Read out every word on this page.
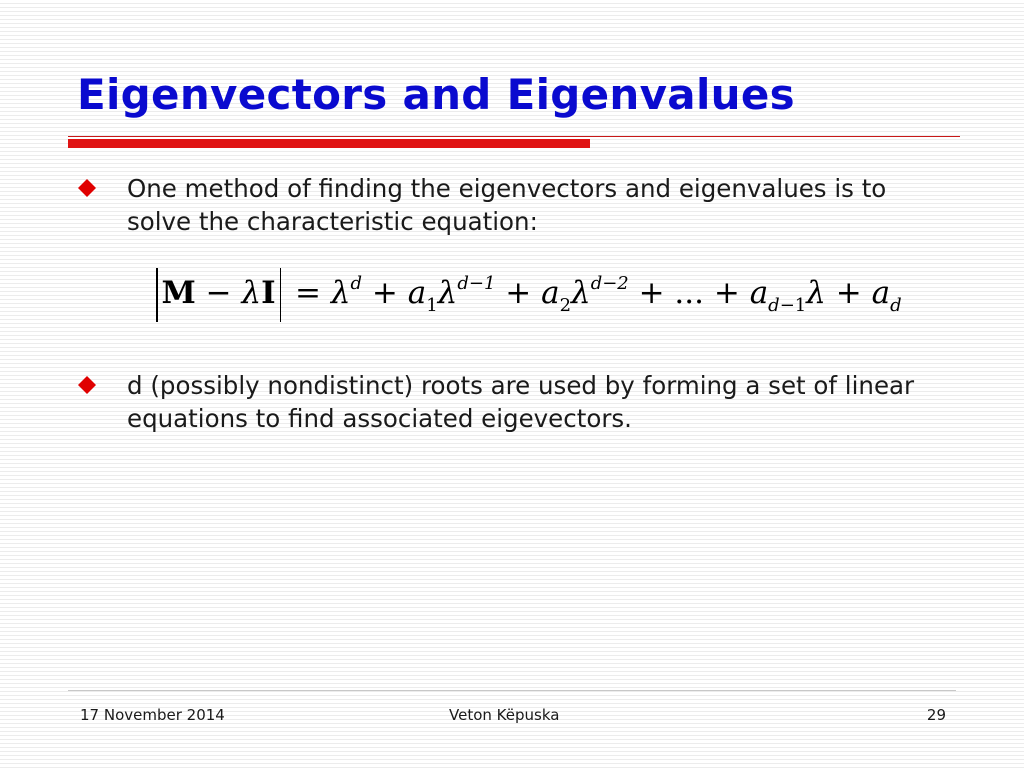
Eigenvectors and Eigenvalues
One method of finding the eigenvectors and eigenvalues is to solve the characteristic equation:
$M - \lambda I = \lambda^d + a_1\lambda^{d-1} + a_2\lambda^{d-2}$ + ... + $a_{d-1}\lambda + a_d$
d (possibly nondistinct) roots are used by forming a set of linear equations to find associated eigevectors.
17 November 2014	Veton Këpuska	29
